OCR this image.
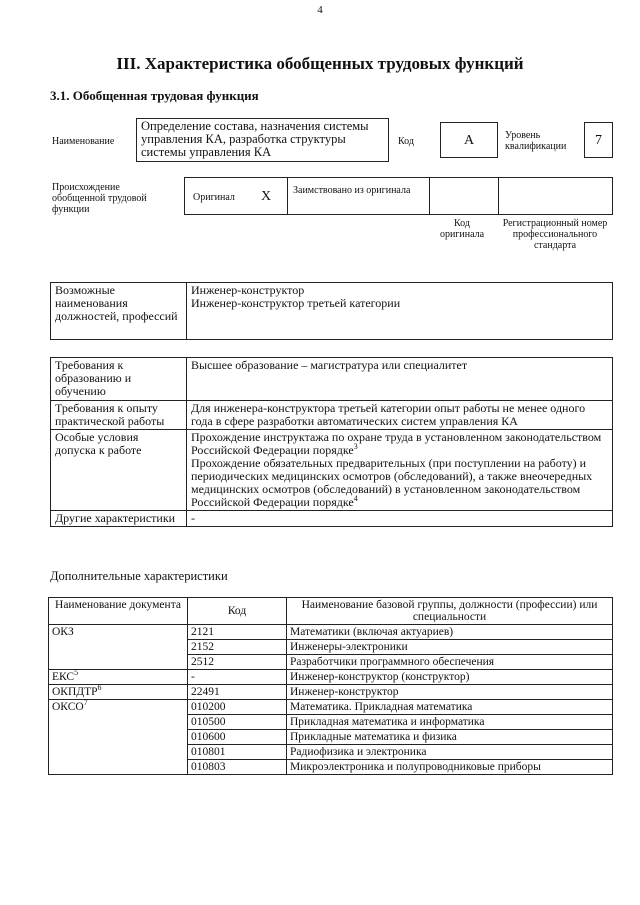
4
III. Характеристика обобщенных трудовых функций
3.1. Обобщенная трудовая функция
Наименование
Определение состава, назначения системы управления КА, разработка структуры системы управления КА
Код	А	Уровень квалификации	7
Происхождение обобщенной трудовой функции
Оригинал X Заимствовано из оригинала
Код оригинала
Регистрационный номер профессионального стандарта
Возможные наименования должностей, профессий	
Инженер-конструктор
Инженер-конструктор третьей категории
Требования к образованию и обучению	Высшее образование – магистратура или специалитет
Требования к опыту практической работы	Для инженера-конструктора третьей категории опыт работы не менее одного года в сфере разработки автоматических систем управления КА
Особые условия допуска к работе	Прохождение инструктажа по охране труда в установленном законодательством Российской Федерации порядке$^3$
Прохождение обязательных предварительных (при поступлении на работу) и периодических медицинских осмотров (обследований), а также внеочередных медицинских осмотров (обследований) в установленном законодательством Российской Федерации порядке$^4$

Другие характеристики	-
Дополнительные характеристики
Наименование документа	Код	Наименование базовой группы, должности (профессии) или специальности
ОКЗ	2121	Математики (включая актуариев)
	2152	Инженеры-электроники
	2512	Разработчики программного обеспечения
ЕКС$^5$	-	Инженер-конструктор (конструктор)
ОКПДТР$^6$	22491	Инженер-конструктор
ОКСО$^7$	010200	Математика. Прикладная математика
	010500	Прикладная математика и информатика
	010600	Прикладные математика и физика
	010801	Радиофизика и электроника
	010803	Микроэлектроника и полупроводниковые приборы
